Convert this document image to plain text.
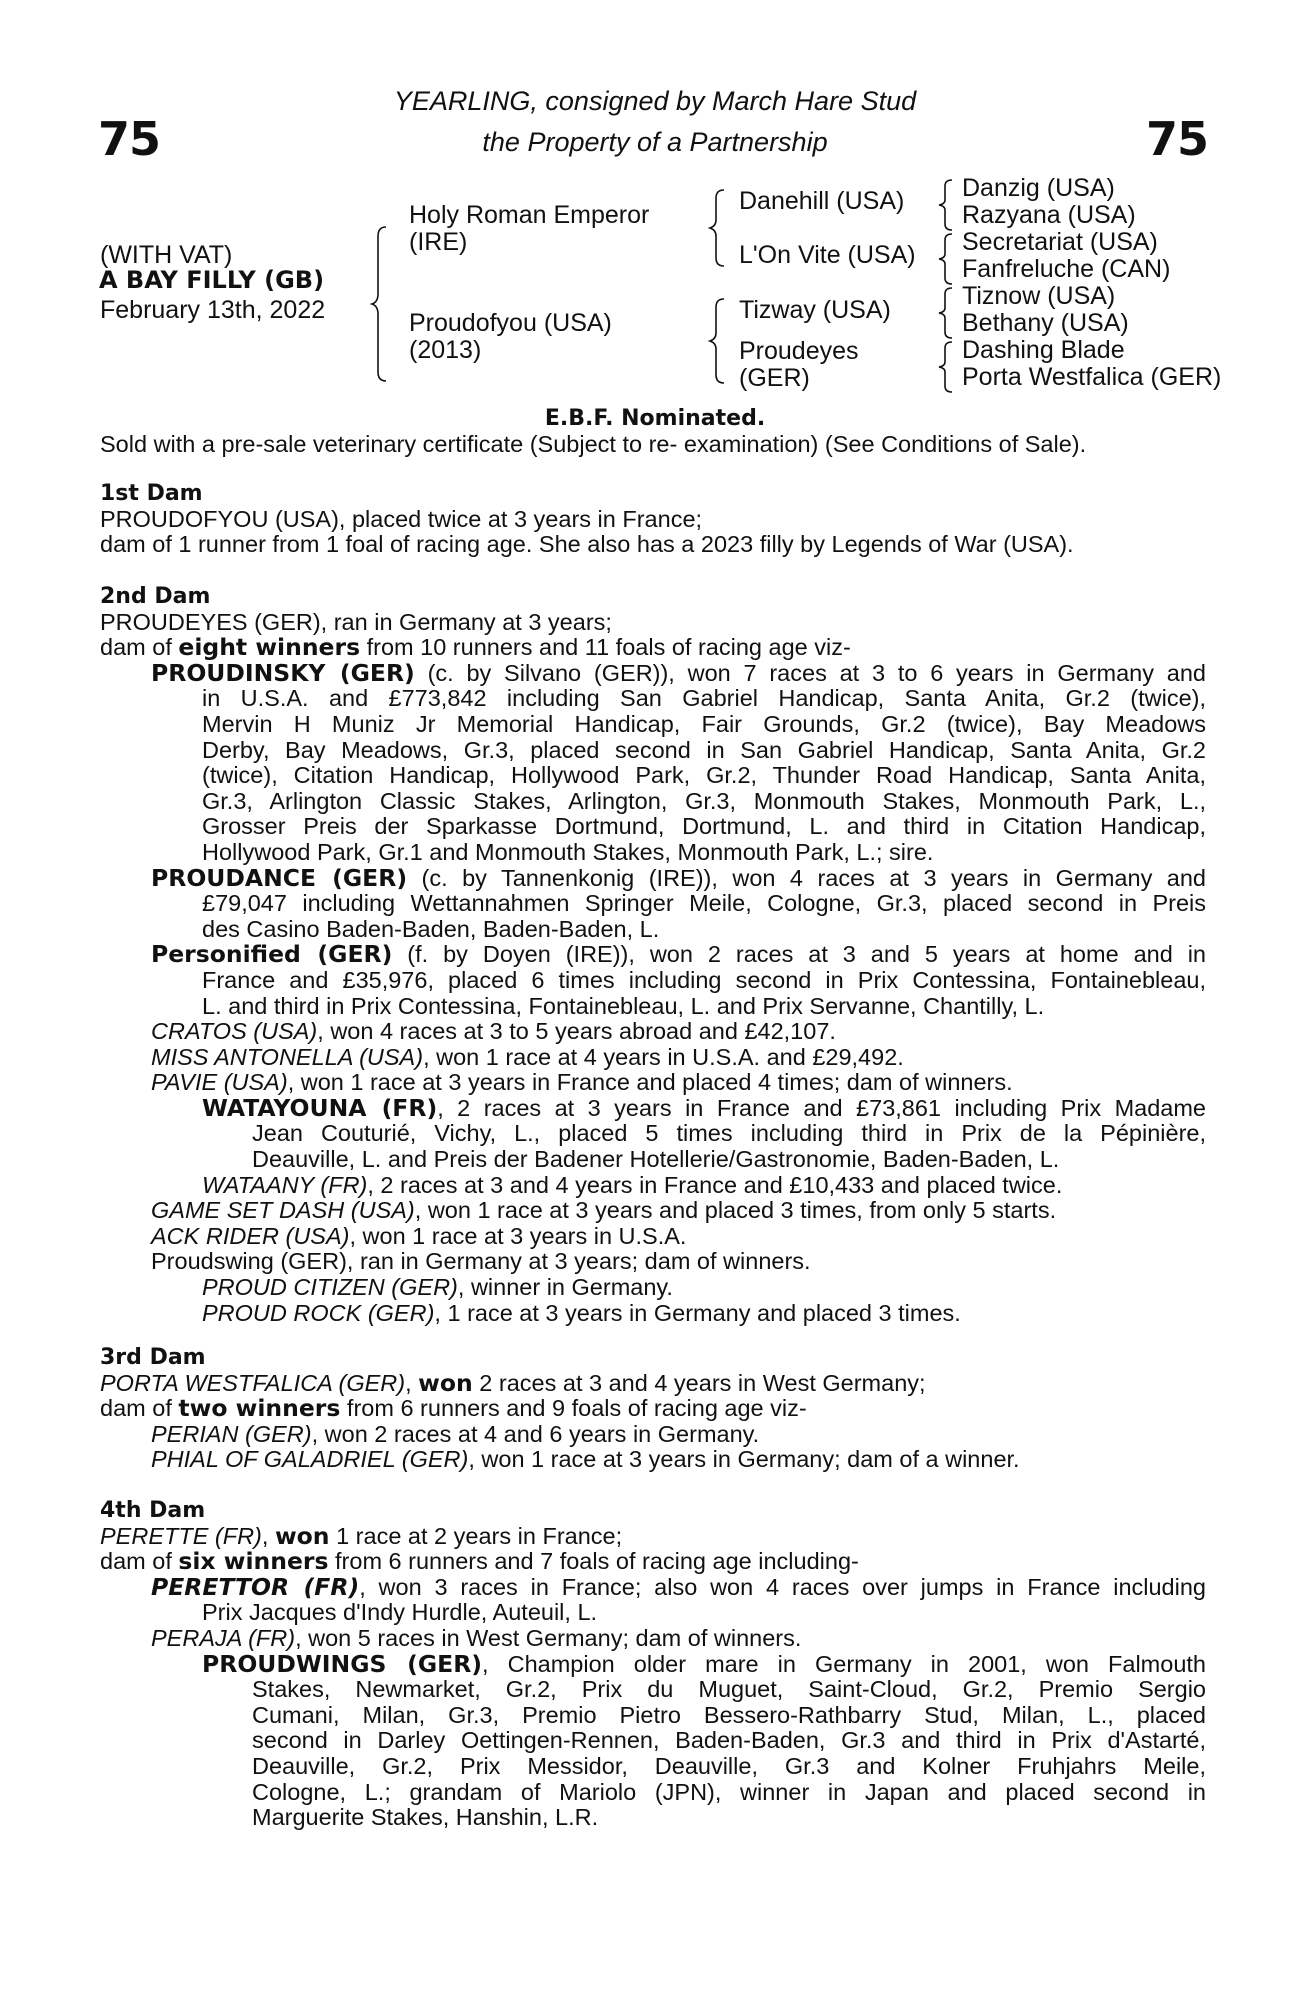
75	75
YEARLING, consigned by March Hare Stud
the Property of a Partnership
(WITH VAT)
A BAY FILLY (GB)
February 13th, 2022
Holy Roman Emperor
(IRE)
Proudofyou (USA)
(2013)
Danehill (USA)
L'On Vite (USA)
Tizway (USA)
Proudeyes
(GER)
Danzig (USA)
Razyana (USA)
Secretariat (USA)
Fanfreluche (CAN)
Tiznow (USA)
Bethany (USA)
Dashing Blade
Porta Westfalica (GER)
E.B.F. Nominated.
Sold with a pre-sale veterinary certificate (Subject to re- examination) (See Conditions of Sale).
1st Dam
PROUDOFYOU (USA), placed twice at 3 years in France;
dam of 1 runner from 1 foal of racing age. She also has a 2023 filly by Legends of War (USA).
2nd Dam
PROUDEYES (GER), ran in Germany at 3 years;
dam of eight winners from 10 runners and 11 foals of racing age viz-
PROUDINSKY (GER) (c. by Silvano (GER)), won 7 races at 3 to 6 years in Germany and
in U.S.A. and £773,842 including San Gabriel Handicap, Santa Anita, Gr.2 (twice),
Mervin H Muniz Jr Memorial Handicap, Fair Grounds, Gr.2 (twice), Bay Meadows
Derby, Bay Meadows, Gr.3, placed second in San Gabriel Handicap, Santa Anita, Gr.2
(twice), Citation Handicap, Hollywood Park, Gr.2, Thunder Road Handicap, Santa Anita,
Gr.3, Arlington Classic Stakes, Arlington, Gr.3, Monmouth Stakes, Monmouth Park, L.,
Grosser Preis der Sparkasse Dortmund, Dortmund, L. and third in Citation Handicap,
Hollywood Park, Gr.1 and Monmouth Stakes, Monmouth Park, L.; sire.
PROUDANCE (GER) (c. by Tannenkonig (IRE)), won 4 races at 3 years in Germany and
£79,047 including Wettannahmen Springer Meile, Cologne, Gr.3, placed second in Preis
des Casino Baden-Baden, Baden-Baden, L.
Personified (GER) (f. by Doyen (IRE)), won 2 races at 3 and 5 years at home and in
France and £35,976, placed 6 times including second in Prix Contessina, Fontainebleau,
L. and third in Prix Contessina, Fontainebleau, L. and Prix Servanne, Chantilly, L.
CRATOS (USA), won 4 races at 3 to 5 years abroad and £42,107.
MISS ANTONELLA (USA), won 1 race at 4 years in U.S.A. and £29,492.
PAVIE (USA), won 1 race at 3 years in France and placed 4 times; dam of winners.
WATAYOUNA (FR), 2 races at 3 years in France and £73,861 including Prix Madame
Jean Couturié, Vichy, L., placed 5 times including third in Prix de la Pépinière,
Deauville, L. and Preis der Badener Hotellerie/Gastronomie, Baden-Baden, L.
WATAANY (FR), 2 races at 3 and 4 years in France and £10,433 and placed twice.
GAME SET DASH (USA), won 1 race at 3 years and placed 3 times, from only 5 starts.
ACK RIDER (USA), won 1 race at 3 years in U.S.A.
Proudswing (GER), ran in Germany at 3 years; dam of winners.
PROUD CITIZEN (GER), winner in Germany.
PROUD ROCK (GER), 1 race at 3 years in Germany and placed 3 times.
3rd Dam
PORTA WESTFALICA (GER), won 2 races at 3 and 4 years in West Germany;
dam of two winners from 6 runners and 9 foals of racing age viz-
PERIAN (GER), won 2 races at 4 and 6 years in Germany.
PHIAL OF GALADRIEL (GER), won 1 race at 3 years in Germany; dam of a winner.
4th Dam
PERETTE (FR), won 1 race at 2 years in France;
dam of six winners from 6 runners and 7 foals of racing age including-
PERETTOR (FR), won 3 races in France; also won 4 races over jumps in France including
Prix Jacques d'Indy Hurdle, Auteuil, L.
PERAJA (FR), won 5 races in West Germany; dam of winners.
PROUDWINGS (GER), Champion older mare in Germany in 2001, won Falmouth
Stakes, Newmarket, Gr.2, Prix du Muguet, Saint-Cloud, Gr.2, Premio Sergio
Cumani, Milan, Gr.3, Premio Pietro Bessero-Rathbarry Stud, Milan, L., placed
second in Darley Oettingen-Rennen, Baden-Baden, Gr.3 and third in Prix d'Astarté,
Deauville, Gr.2, Prix Messidor, Deauville, Gr.3 and Kolner Fruhjahrs Meile,
Cologne, L.; grandam of Mariolo (JPN), winner in Japan and placed second in
Marguerite Stakes, Hanshin, L.R.
